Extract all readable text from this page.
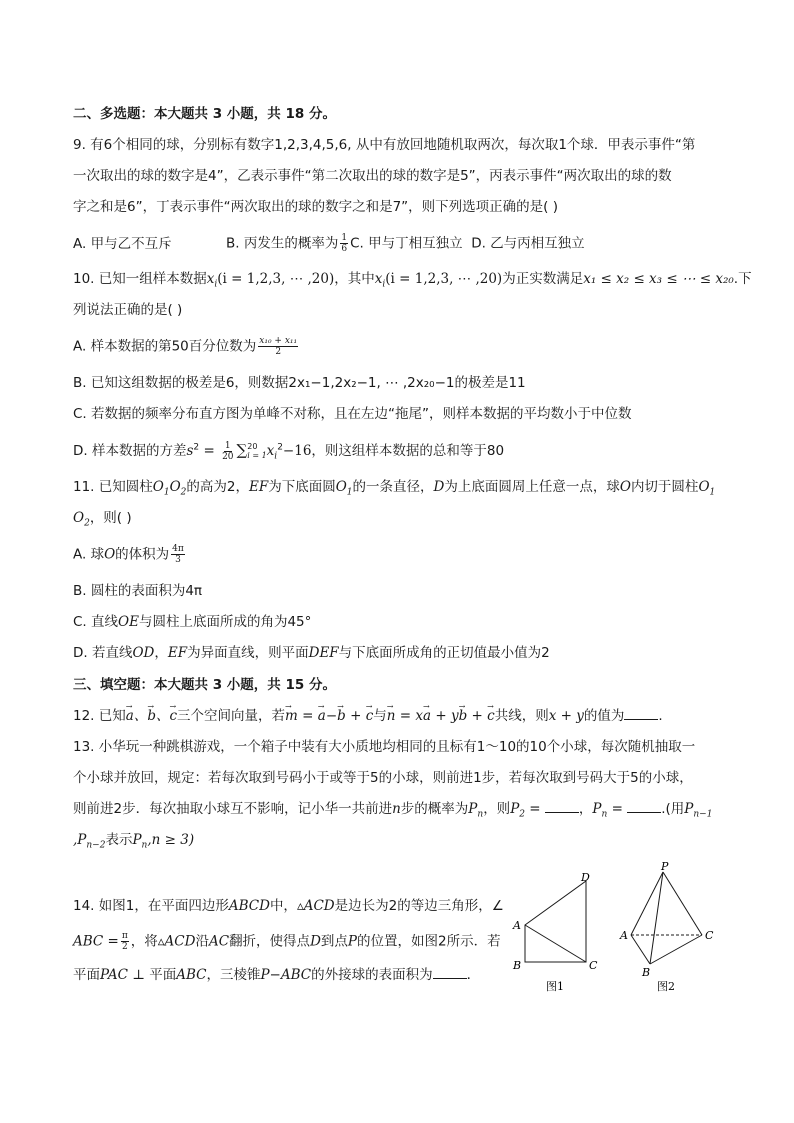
二、多选题：本大题共 3 小题，共 18 分。
9. 有6个相同的球，分别标有数字1,2,3,4,5,6, 从中有放回地随机取两次，每次取1个球．甲表示事件“第
一次取出的球的数字是4”，乙表示事件“第二次取出的球的数字是5”，丙表示事件“两次取出的球的数
字之和是6”，丁表示事件“两次取出的球的数字之和是7”，则下列选项正确的是( )
A. 甲与乙不互斥	B. 丙发生的概率为 $\frac{1}{6} C$. 甲与丁相互独立 D. 乙与丙相互独立
10. 已知一组样本数据$x_i(i = 1,2,3$, ⋯ ,20)，其中$x_i(i = 1,2,3$, ⋯ ,20)为正实数满足x₁ ≤ x₂ ≤ x₃ ≤ ⋯ ≤ x₂₀.下
列说法正确的是( )
A. 样本数据的第50百分位数为 $\frac{\text{x₁₀ + x₁₁}}{2}$
B. 已知这组数据的极差是6，则数据2x₁−1,2x₂−1, ⋯ ,2x₂₀−1的极差是11
C. 若数据的频率分布直方图为单峰不对称，且在左边“拖尾”，则样本数据的平均数小于中位数
D. 样本数据的方差$s^2 = \frac{1}{20}$ ∑ 20
i = 1 $x_i^2-16$，则这组样本数据的总和等于80
11. 已知圆柱$O_1O_2$的高为2，EF为下底面圆$O_1$的一条直径，D为上底面圆周上任意一点，球O内切于圆柱$O_1$
$O_2$，则( )
A. 球O的体积为 $\frac{4\pi}{3}$
B. 圆柱的表面积为4π
C. 直线OE与圆柱上底面所成的角为45°
D. 若直线OD，EF为异面直线，则平面DEF与下底面所成角的正切值最小值为2
三、填空题：本大题共 3 小题，共 15 分。
12. 已知→ a、→ b、→ c三个空间向量，若→ m = → a−→ b + → c与→ n = x→ a + y→ b + → c共线，则x + y的值为	.
13. 小华玩一种跳棋游戏，一个箱子中装有大小质地均相同的且标有1～10的10个小球，每次随机抽取一
个小球并放回，规定：若每次取到号码小于或等于5的小球，则前进1步，若每次取到号码大于5的小球，
则前进2步．每次抽取小球互不影响，记小华一共前进n步的概率为$P_n$，则$P_2$ =	，$P_n$ =	.(用$P_{n-1}$
$,P_{n-2}$表示$P_n,n \ge 3$)
14. 如图1，在平面四边形ABCD中，▵ACD是边长为2的等边三角形，∠
ABC = $\frac{\pi}{2}$ ，将▵ACD沿AC翻折，使得点D到点P的位置，如图2所示．若
平面PAC ⊥ 平面ABC，三棱锥P−ABC的外接球的表面积为	．
A
B	C
D
图1
P
A
B
C
图2
